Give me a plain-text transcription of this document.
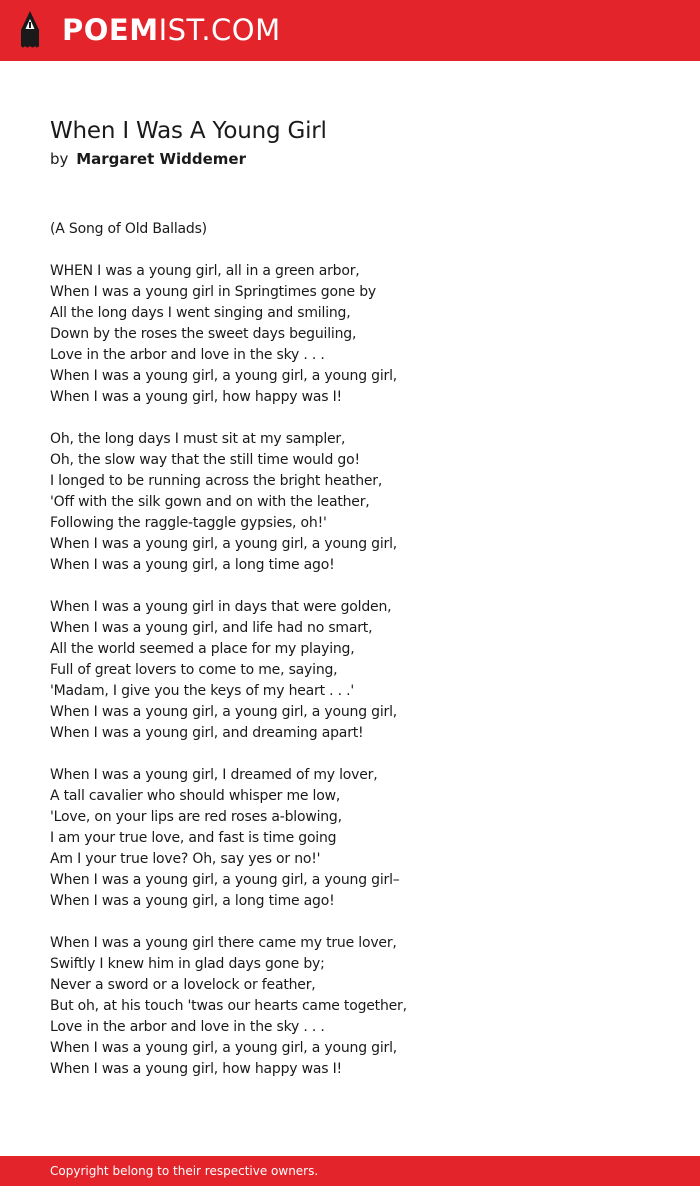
POEMIST.COM
When I Was A Young Girl
by Margaret Widdemer

(A Song of Old Ballads)

WHEN I was a young girl, all in a green arbor,
When I was a young girl in Springtimes gone by
All the long days I went singing and smiling,
Down by the roses the sweet days beguiling,
Love in the arbor and love in the sky . . .
When I was a young girl, a young girl, a young girl,
When I was a young girl, how happy was I!
Oh, the long days I must sit at my sampler,
Oh, the slow way that the still time would go!
I longed to be running across the bright heather,
'Off with the silk gown and on with the leather,
Following the raggle-taggle gypsies, oh!'
When I was a young girl, a young girl, a young girl,
When I was a young girl, a long time ago!
When I was a young girl in days that were golden,
When I was a young girl, and life had no smart,
All the world seemed a place for my playing,
Full of great lovers to come to me, saying,
'Madam, I give you the keys of my heart . . .'
When I was a young girl, a young girl, a young girl,
When I was a young girl, and dreaming apart!
When I was a young girl, I dreamed of my lover,
A tall cavalier who should whisper me low,
'Love, on your lips are red roses a-blowing,
I am your true love, and fast is time going
Am I your true love? Oh, say yes or no!'
When I was a young girl, a young girl, a young girl–
When I was a young girl, a long time ago!
When I was a young girl there came my true lover,
Swiftly I knew him in glad days gone by;
Never a sword or a lovelock or feather,
But oh, at his touch 'twas our hearts came together,
Love in the arbor and love in the sky . . .
When I was a young girl, a young girl, a young girl,
When I was a young girl, how happy was I!
Copyright belong to their respective owners.
